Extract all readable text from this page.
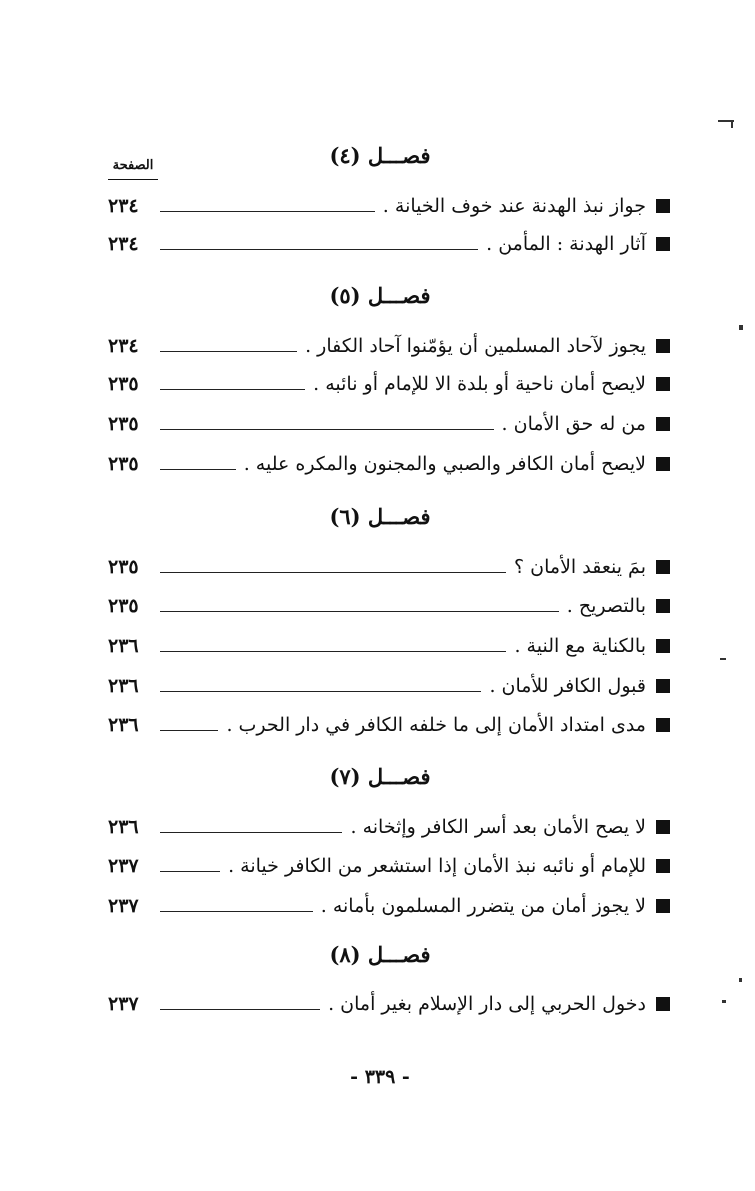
الصفحة	فصـــل (٤)
جواز نبذ الهدنة عند خوف الخيانة .
٢٣٤
آثار الهدنة : المأمن .
٢٣٤
فصـــل (٥)
يجوز لآحاد المسلمين أن يؤمّنوا آحاد الكفار .
٢٣٤
لايصح أمان ناحية أو بلدة الا للإمام أو نائبه .
٢٣٥
من له حق الأمان .
٢٣٥
لايصح أمان الكافر والصبي والمجنون والمكره عليه .
٢٣٥
فصـــل (٦)
بمَ ينعقد الأمان ؟
٢٣٥
بالتصريح .
٢٣٥
بالكناية مع النية .
٢٣٦
قبول الكافر للأمان .
٢٣٦
مدى امتداد الأمان إلى ما خلفه الكافر في دار الحرب .
٢٣٦
فصـــل (٧)
لا يصح الأمان بعد أسر الكافر وإثخانه .
٢٣٦
للإمام أو نائبه نبذ الأمان إذا استشعر من الكافر خيانة .
٢٣٧
لا يجوز أمان من يتضرر المسلمون بأمانه .
٢٣٧
فصـــل (٨)
دخول الحربي إلى دار الإسلام بغير أمان .
٢٣٧
- ٣٣٩ -
